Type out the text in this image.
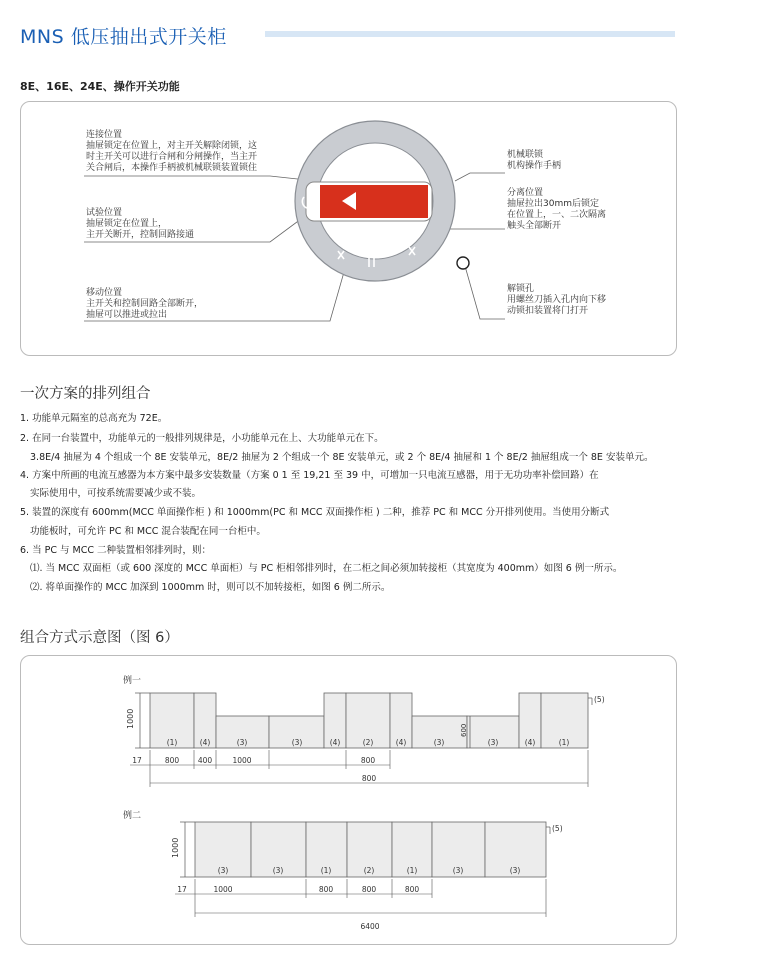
MNS 低压抽出式开关柜
8E、16E、24E、操作开关功能
连接位置
抽屉锁定在位置上，对主开关解除闭锁，这
时主开关可以进行合闸和分闸操作，当主开
关合闸后，本操作手柄被机械联锁装置锁住
试验位置
抽屉锁定在位置上，
主开关断开，控制回路接通
移动位置
主开关和控制回路全部断开，
抽屉可以推进或拉出
机械联锁
机构操作手柄
分离位置
抽屉拉出30mm后锁定
在位置上，一、二次隔离
触头全部断开
解锁孔
用螺丝刀插入孔内向下移
动锁扣装置将门打开
一次方案的排列组合
1. 功能单元隔室的总高充为 72E。
2. 在同一台装置中，功能单元的一般排列规律是，小功能单元在上、大功能单元在下。
3.8E/4 抽屉为 4 个组成一个 8E 安装单元，8E/2 抽屉为 2 个组成一个 8E 安装单元，或 2 个 8E/4 抽屉和 1 个 8E/2 抽屉组成一个 8E 安装单元。
4. 方案中所画的电流互感器为本方案中最多安装数量（方案 0 1 至 19,21 至 39 中，可增加一只电流互感器，用于无功功率补偿回路）在
实际使用中，可按系统需要减少或不装。
5. 装置的深度有 600mm(MCC 单面操作柜 ) 和 1000mm(PC 和 MCC 双面操作柜 ) 二种，推荐 PC 和 MCC 分开排列使用。当使用分断式
功能板时，可允许 PC 和 MCC 混合装配在同一台柜中。
6. 当 PC 与 MCC 二种装置相邻排列时，则：
⑴. 当 MCC 双面柜（或 600 深度的 MCC 单面柜）与 PC 柜相邻排列时，在二柜之间必须加转接柜（其宽度为 400mm）如图 6 例一所示。
⑵. 将单面操作的 MCC 加深到 1000mm 时，则可以不加转接柜，如图 6 例二所示。
组合方式示意图（图 6）
例一
1000
600
(5)
(1)	(4)	(3)	(3)	(4)	(2)	(4)	(3)	(3)	(4)	(1)
17	800 400	1000	800
800
例二
1000
(5)
(3)	(3)	(1)	(2)	(1)	(3)	(3)
17	1000	800	800	800
6400
